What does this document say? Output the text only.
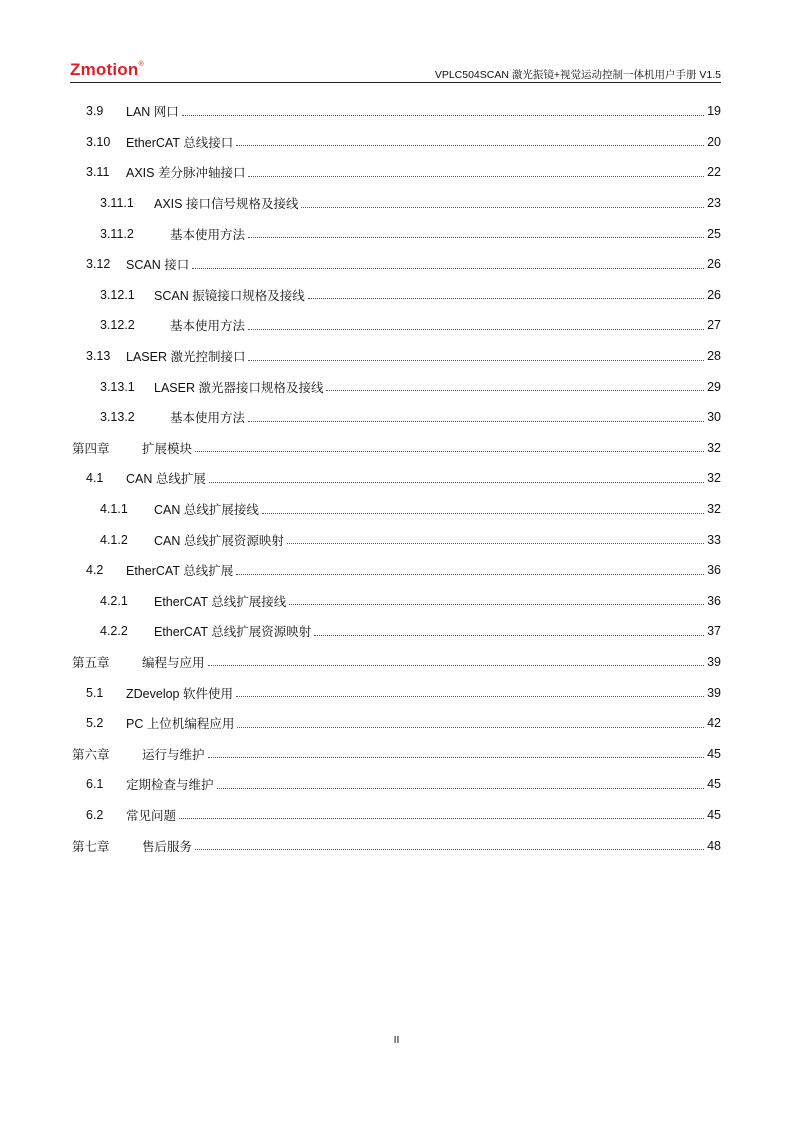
Zmotion®
VPLC504SCAN 激光振镜+视觉运动控制一体机用户手册 V1.5
3.9	LAN 网口	19
3.10	EtherCAT 总线接口	20
3.11	AXIS 差分脉冲轴接口	22
3.11.1	AXIS 接口信号规格及接线	23
3.11.2	基本使用方法	25
3.12	SCAN 接口	26
3.12.1	SCAN 振镜接口规格及接线	26
3.12.2	基本使用方法	27
3.13	LASER 激光控制接口	28
3.13.1	LASER 激光器接口规格及接线	29
3.13.2	基本使用方法	30
第四章	扩展模块	32
4.1	CAN 总线扩展	32
4.1.1	CAN 总线扩展接线	32
4.1.2	CAN 总线扩展资源映射	33
4.2	EtherCAT 总线扩展	36
4.2.1	EtherCAT 总线扩展接线	36
4.2.2	EtherCAT 总线扩展资源映射	37
第五章	编程与应用	39
5.1	ZDevelop 软件使用	39
5.2	PC 上位机编程应用	42
第六章	运行与维护	45
6.1	定期检查与维护	45
6.2	常见问题	45
第七章	售后服务	48
II
